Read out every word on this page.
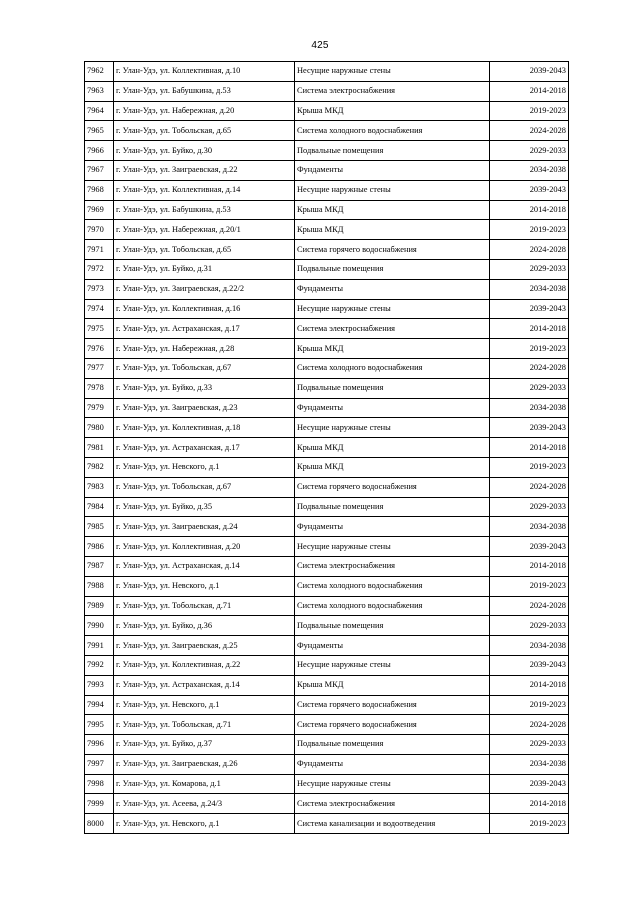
425
7962	г. Улан-Удэ, ул. Коллективная, д.10	Несущие наружные стены	2039-2043
7963	г. Улан-Удэ, ул. Бабушкина, д.53	Система электроснабжения	2014-2018
7964	г. Улан-Удэ, ул. Набережная, д.20	Крыша МКД	2019-2023
7965	г. Улан-Удэ, ул. Тобольская, д.65	Система холодного водоснабжения	2024-2028
7966	г. Улан-Удэ, ул. Буйко, д.30	Подвальные помещения	2029-2033
7967	г. Улан-Удэ, ул. Заиграевская, д.22	Фундаменты	2034-2038
7968	г. Улан-Удэ, ул. Коллективная, д.14	Несущие наружные стены	2039-2043
7969	г. Улан-Удэ, ул. Бабушкина, д.53	Крыша МКД	2014-2018
7970	г. Улан-Удэ, ул. Набережная, д.20/1	Крыша МКД	2019-2023
7971	г. Улан-Удэ, ул. Тобольская, д.65	Система горячего водоснабжения	2024-2028
7972	г. Улан-Удэ, ул. Буйко, д.31	Подвальные помещения	2029-2033
7973	г. Улан-Удэ, ул. Заиграевская, д.22/2	Фундаменты	2034-2038
7974	г. Улан-Удэ, ул. Коллективная, д.16	Несущие наружные стены	2039-2043
7975	г. Улан-Удэ, ул. Астраханская, д.17	Система электроснабжения	2014-2018
7976	г. Улан-Удэ, ул. Набережная, д.28	Крыша МКД	2019-2023
7977	г. Улан-Удэ, ул. Тобольская, д.67	Система холодного водоснабжения	2024-2028
7978	г. Улан-Удэ, ул. Буйко, д.33	Подвальные помещения	2029-2033
7979	г. Улан-Удэ, ул. Заиграевская, д.23	Фундаменты	2034-2038
7980	г. Улан-Удэ, ул. Коллективная, д.18	Несущие наружные стены	2039-2043
7981	г. Улан-Удэ, ул. Астраханская, д.17	Крыша МКД	2014-2018
7982	г. Улан-Удэ, ул. Невского, д.1	Крыша МКД	2019-2023
7983	г. Улан-Удэ, ул. Тобольская, д.67	Система горячего водоснабжения	2024-2028
7984	г. Улан-Удэ, ул. Буйко, д.35	Подвальные помещения	2029-2033
7985	г. Улан-Удэ, ул. Заиграевская, д.24	Фундаменты	2034-2038
7986	г. Улан-Удэ, ул. Коллективная, д.20	Несущие наружные стены	2039-2043
7987	г. Улан-Удэ, ул. Астраханская, д.14	Система электроснабжения	2014-2018
7988	г. Улан-Удэ, ул. Невского, д.1	Система холодного водоснабжения	2019-2023
7989	г. Улан-Удэ, ул. Тобольская, д.71	Система холодного водоснабжения	2024-2028
7990	г. Улан-Удэ, ул. Буйко, д.36	Подвальные помещения	2029-2033
7991	г. Улан-Удэ, ул. Заиграевская, д.25	Фундаменты	2034-2038
7992	г. Улан-Удэ, ул. Коллективная, д.22	Несущие наружные стены	2039-2043
7993	г. Улан-Удэ, ул. Астраханская, д.14	Крыша МКД	2014-2018
7994	г. Улан-Удэ, ул. Невского, д.1	Система горячего водоснабжения	2019-2023
7995	г. Улан-Удэ, ул. Тобольская, д.71	Система горячего водоснабжения	2024-2028
7996	г. Улан-Удэ, ул. Буйко, д.37	Подвальные помещения	2029-2033
7997	г. Улан-Удэ, ул. Заиграевская, д.26	Фундаменты	2034-2038
7998	г. Улан-Удэ, ул. Комарова, д.1	Несущие наружные стены	2039-2043
7999	г. Улан-Удэ, ул. Асеева, д.24/3	Система электроснабжения	2014-2018
8000	г. Улан-Удэ, ул. Невского, д.1	Система канализации и водоотведения	2019-2023
